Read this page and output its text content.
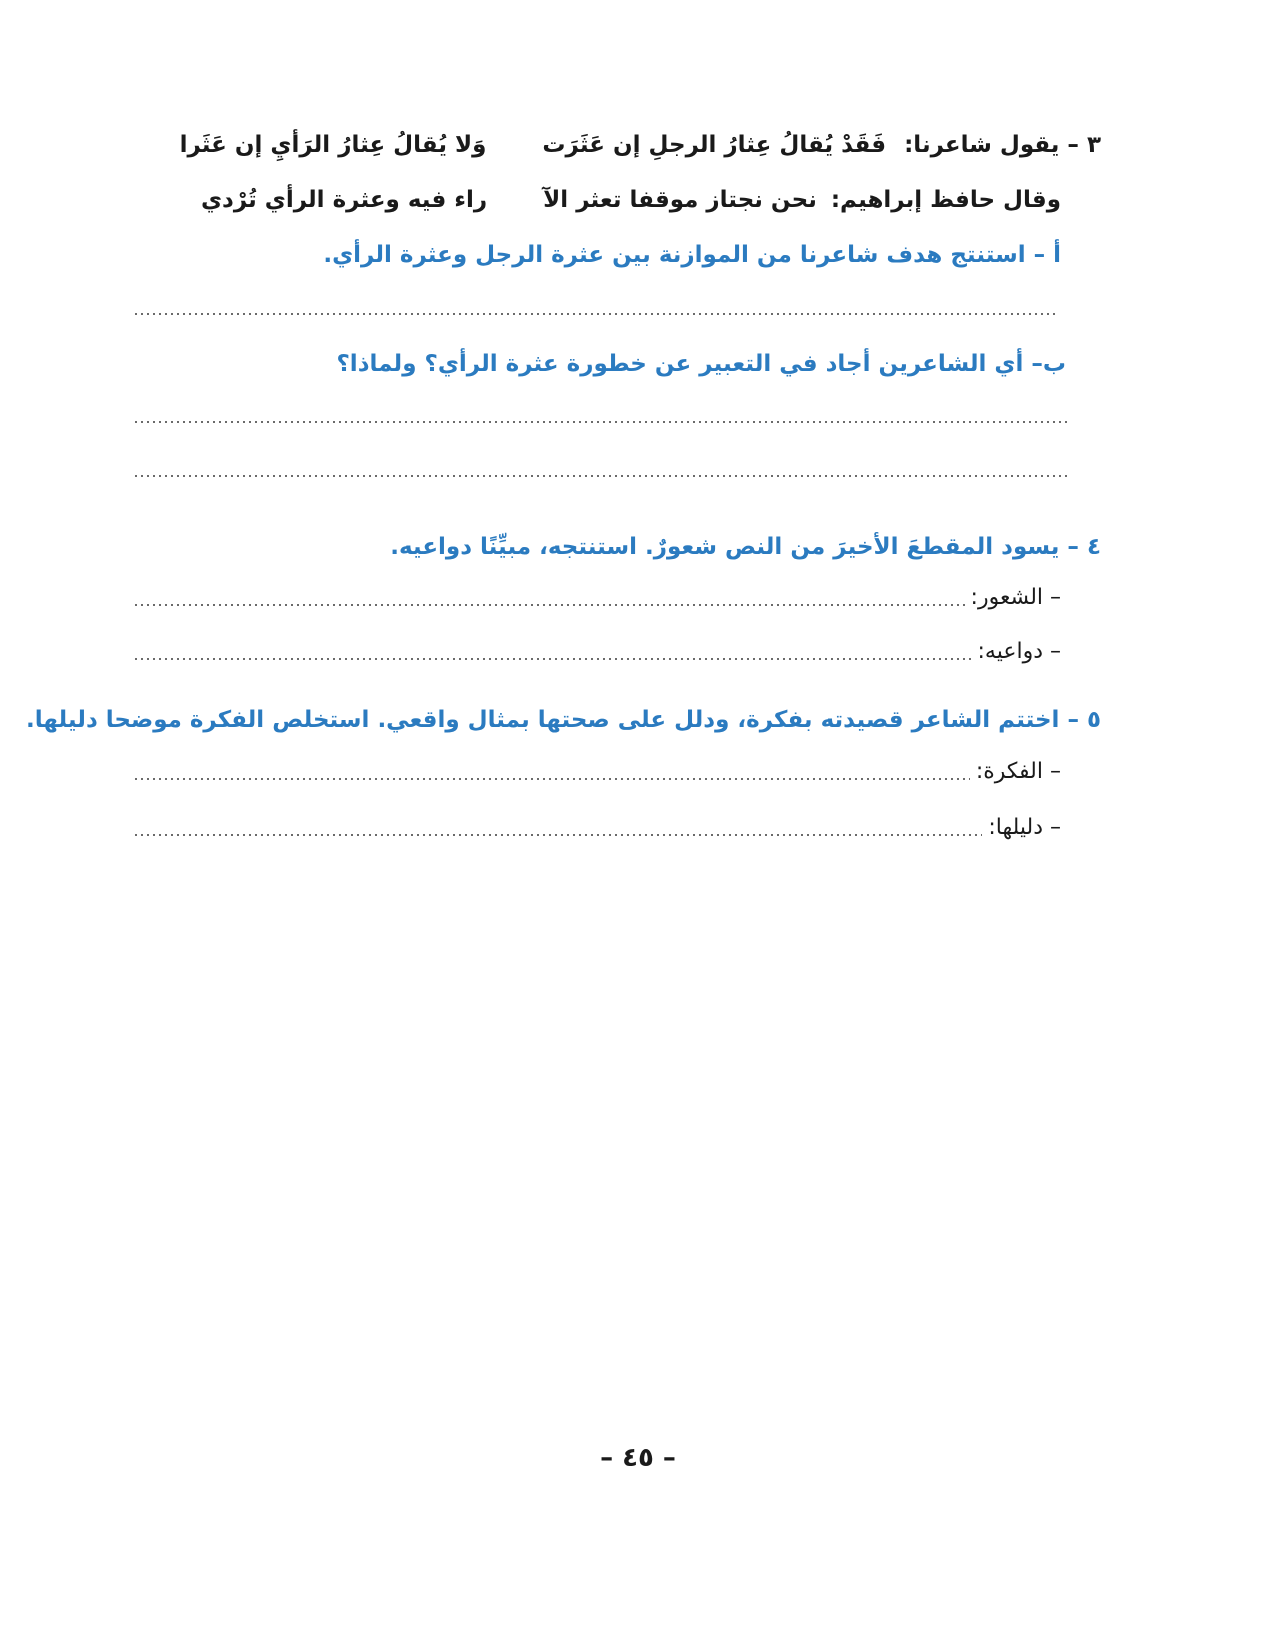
٣ – يقول شاعرنا: فَقَدْ يُقالُ عِثارُ الرجلِ إن عَثَرَت وَلا يُقالُ عِثارُ الرَأيِ إن عَثَرا
وقال حافظ إبراهيم: نحن نجتاز موقفا تعثر الآ راء فيه وعثرة الرأي تُرْدي
أ – استنتج هدف شاعرنا من الموازنة بين عثرة الرجل وعثرة الرأي.
ب– أي الشاعرين أجاد في التعبير عن خطورة عثرة الرأي؟ ولماذا؟
٤ – يسود المقطعَ الأخيرَ من النص شعورٌ. استنتجه، مبيِّنًا دواعيه.
– الشعور:
– دواعيه:
٥ – اختتم الشاعر قصيدته بفكرة، ودلل على صحتها بمثال واقعي. استخلص الفكرة موضحا دليلها.
– الفكرة:
– دليلها:
– ٤٥ –
